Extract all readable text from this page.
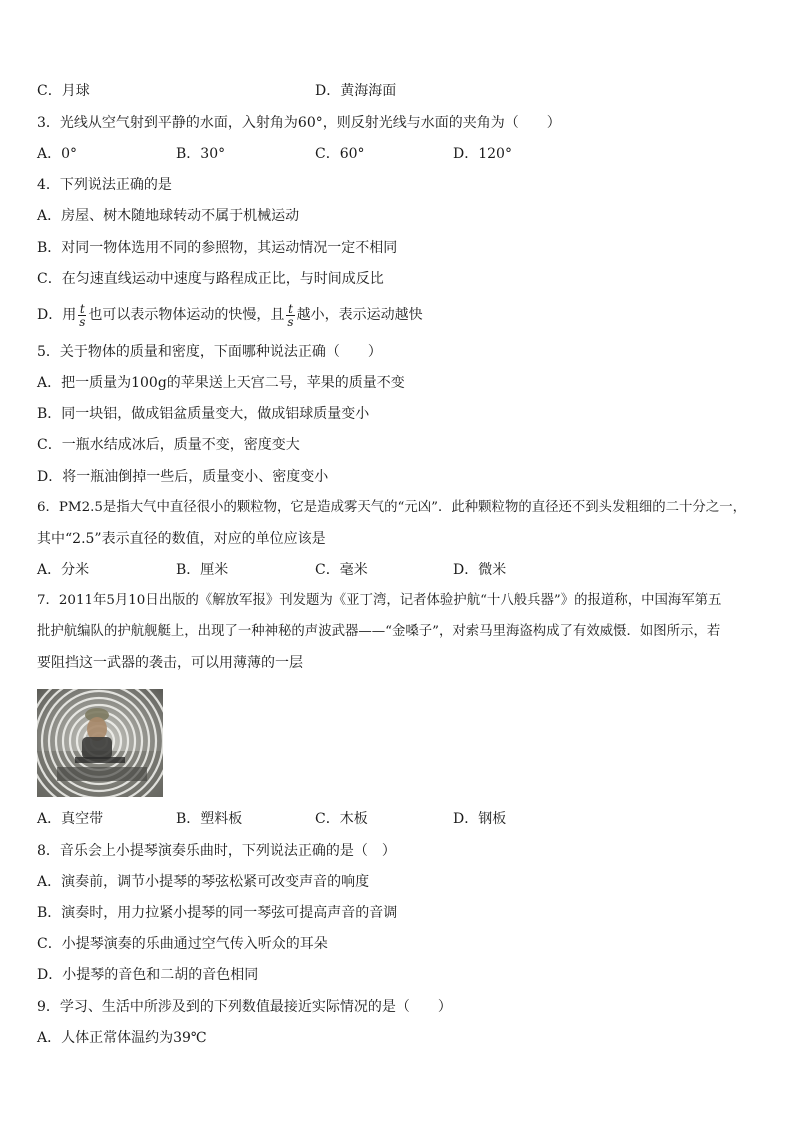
C．月球	D．黄海海面
3．光线从空气射到平静的水面，入射角为60°，则反射光线与水面的夹角为（　　）
A．0°	B．30°	C．60°	D．120°
4．下列说法正确的是
A．房屋、树木随地球转动不属于机械运动
B．对同一物体选用不同的参照物，其运动情况一定不相同
C．在匀速直线运动中速度与路程成正比，与时间成反比
D．用 $\frac{t}{s}$ 也可以表示物体运动的快慢，且 $\frac{t}{s}$ 越小，表示运动越快
5．关于物体的质量和密度，下面哪种说法正确（　　）
A．把一质量为100g的苹果送上天宫二号，苹果的质量不变
B．同一块铝，做成铝盆质量变大，做成铝球质量变小
C．一瓶水结成冰后，质量不变，密度变大
D．将一瓶油倒掉一些后，质量变小、密度变小
6．PM2.5是指大气中直径很小的颗粒物，它是造成雾天气的“元凶”．此种颗粒物的直径还不到头发粗细的二十分之一，
其中“2.5”表示直径的数值，对应的单位应该是
A．分米	B．厘米	C．毫米	D．微米
7．2011年5月10日出版的《解放军报》刊发题为《亚丁湾，记者体验护航“十八般兵器”》的报道称，中国海军第五
批护航编队的护航舰艇上，出现了一种神秘的声波武器——“金嗓子”，对索马里海盗构成了有效威慑．如图所示，若
要阻挡这一武器的袭击，可以用薄薄的一层
A．真空带	B．塑料板	C．木板	D．钢板
8．音乐会上小提琴演奏乐曲时，下列说法正确的是（　）
A．演奏前，调节小提琴的琴弦松紧可改变声音的响度
B．演奏时，用力拉紧小提琴的同一琴弦可提高声音的音调
C．小提琴演奏的乐曲通过空气传入听众的耳朵
D．小提琴的音色和二胡的音色相同
9．学习、生活中所涉及到的下列数值最接近实际情况的是（　　）
A．人体正常体温约为39℃
